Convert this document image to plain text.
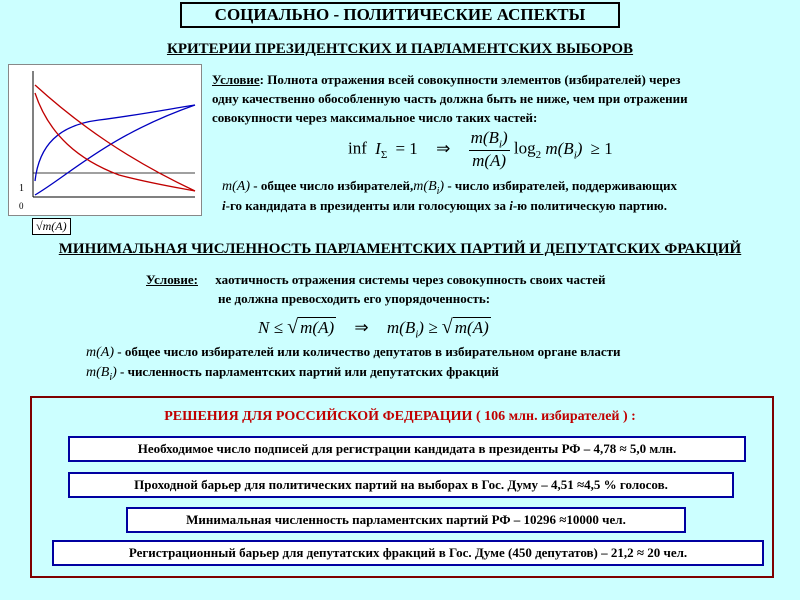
СОЦИАЛЬНО - ПОЛИТИЧЕСКИЕ АСПЕКТЫ
КРИТЕРИИ ПРЕЗИДЕНТСКИХ И ПАРЛАМЕНТСКИХ ВЫБОРОВ
1
0
√m(A)
Условие: Полнота отражения всей совокупности элементов (избирателей) через
одну качественно обособленную часть должна быть не ниже, чем при отражении
совокупности через максимальное число таких частей:
inf $I_\Sigma = 1$ ⇒ $\frac{m(B_i)}{m(A)} \log_2 m(B_i) \ge 1$
m(A) - общее число $избирателей,m(B_i)$ - число избирателей, поддерживающих
i-го кандидата в президенты или голосующих за i-ю политическую партию.
МИНИМАЛЬНАЯ ЧИСЛЕННОСТЬ ПАРЛАМЕНТСКИХ ПАРТИЙ И ДЕПУТАТСКИХ ФРАКЦИЙ
Условие: хаотичность отражения системы через совокупность своих частей
не должна превосходить его упорядоченность:
N ≤ √ m(A) ⇒ $m(B_i)$ ≥ √ m(A)
m(A) - общее число избирателей или количество депутатов в избирательном органе власти
$m(B_i)$ - численность парламентских партий или депутатских фракций
РЕШЕНИЯ ДЛЯ РОССИЙСКОЙ ФЕДЕРАЦИИ ( 106 млн. избирателей ) :
Необходимое число подписей для регистрации кандидата в президенты РФ – 4,78 ≈ 5,0 млн.
Проходной барьер для политических партий на выборах в Гос. Думу – 4,51 ≈4,5 % голосов.
Минимальная численность парламентских партий РФ – 10296 ≈10000 чел.
Регистрационный барьер для депутатских фракций в Гос. Думе (450 депутатов) – 21,2 ≈ 20 чел.
